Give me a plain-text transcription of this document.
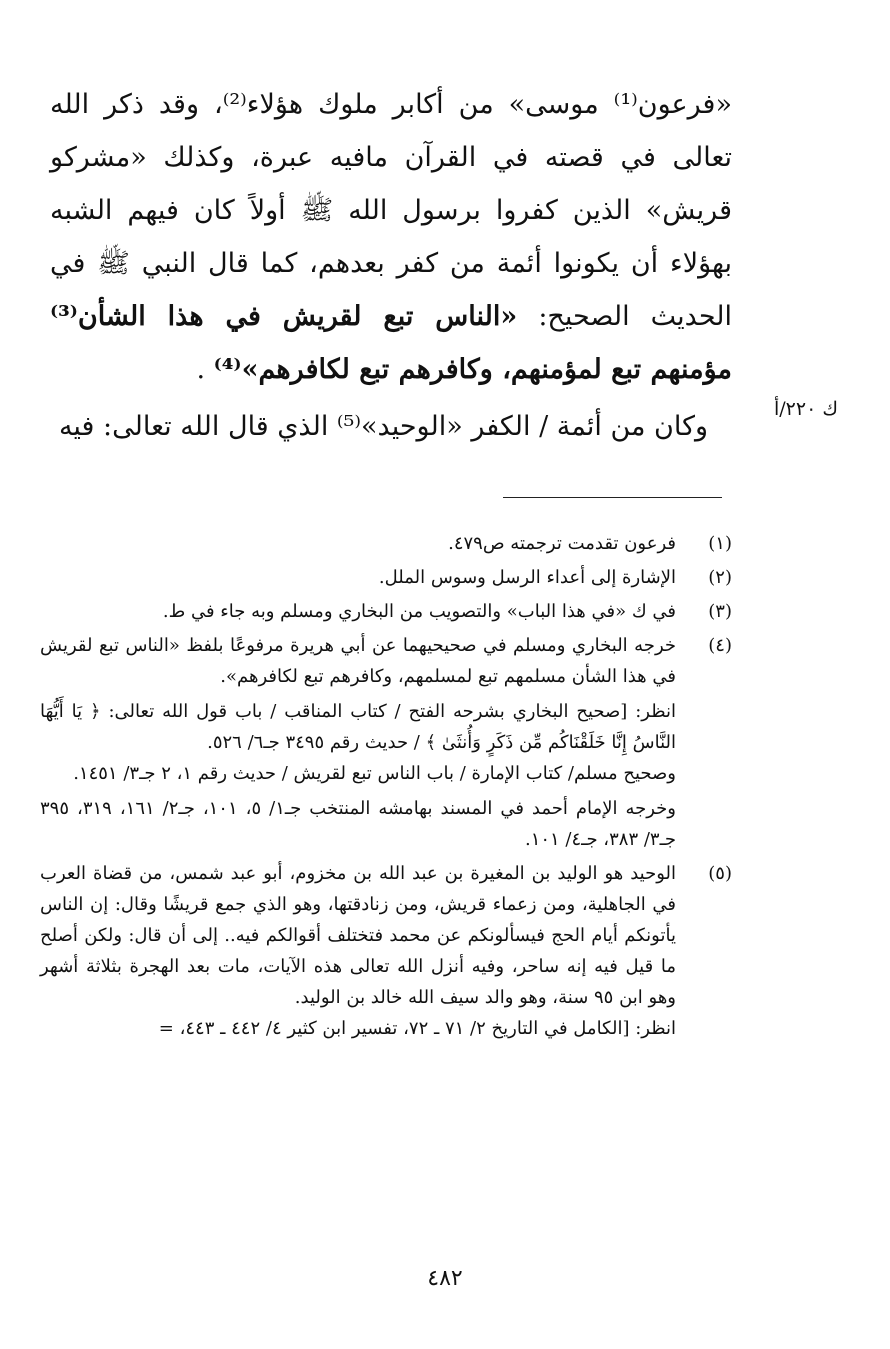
«فرعون⁽¹⁾ موسى» من أكابر ملوك هؤلاء⁽²⁾، وقد ذكر الله تعالى في قصته في القرآن مافيه عبرة، وكذلك «مشركو قريش» الذين كفروا برسول الله ﷺ أولاً كان فيهم الشبه بهؤلاء أن يكونوا أئمة من كفر بعدهم، كما قال النبي ﷺ في الحديث الصحيح: «الناس تبع لقريش في هذا الشأن⁽³⁾ مؤمنهم تبع لمؤمنهم، وكافرهم تبع لكافرهم»⁽⁴⁾ .

وكان من أئمة / الكفر «الوحيد»⁽⁵⁾ الذي قال الله تعالى: فيه

ك ٢٢٠/أ
(١)

فرعون تقدمت ترجمته ص٤٧٩.

(٢)

الإشارة إلى أعداء الرسل وسوس الملل.

(٣)

في ك «في هذا الباب» والتصويب من البخاري ومسلم وبه جاء في ط.

(٤)

خرجه البخاري ومسلم في صحيحيهما عن أبي هريرة مرفوعًا بلفظ «الناس تبع لقريش في هذا الشأن مسلمهم تبع لمسلمهم، وكافرهم تبع لكافرهم».

انظر: [صحيح البخاري بشرحه الفتح / كتاب المناقب / باب قول الله تعالى: ﴿ يَا أَيُّهَا النَّاسُ إِنَّا خَلَقْنَاكُم مِّن ذَكَرٍ وَأُنثَىٰ ﴾ / حديث رقم ٣٤٩٥ جـ٦/ ٥٢٦.

وصحيح مسلم/ كتاب الإمارة / باب الناس تبع لقريش / حديث رقم ١، ٢ جـ٣/ ١٤٥١.

وخرجه الإمام أحمد في المسند بهامشه المنتخب جـ١/ ٥، ١٠١، جـ٢/ ١٦١، ٣١٩، ٣٩٥ جـ٣/ ٣٨٣، جـ٤/ ١٠١.

(٥)

الوحيد هو الوليد بن المغيرة بن عبد الله بن مخزوم، أبو عبد شمس، من قضاة العرب في الجاهلية، ومن زعماء قريش، ومن زنادقتها، وهو الذي جمع قريشًا وقال: إن الناس يأتونكم أيام الحج فيسألونكم عن محمد فتختلف أقوالكم فيه.. إلى أن قال: ولكن أصلح ما قيل فيه إنه ساحر، وفيه أنزل الله تعالى هذه الآيات، مات بعد الهجرة بثلاثة أشهر وهو ابن ٩٥ سنة، وهو والد سيف الله خالد بن الوليد.

انظر: [الكامل في التاريخ ٢/ ٧١ ـ ٧٢، تفسير ابن كثير ٤/ ٤٤٢ ـ ٤٤٣، =

٤٨٢
